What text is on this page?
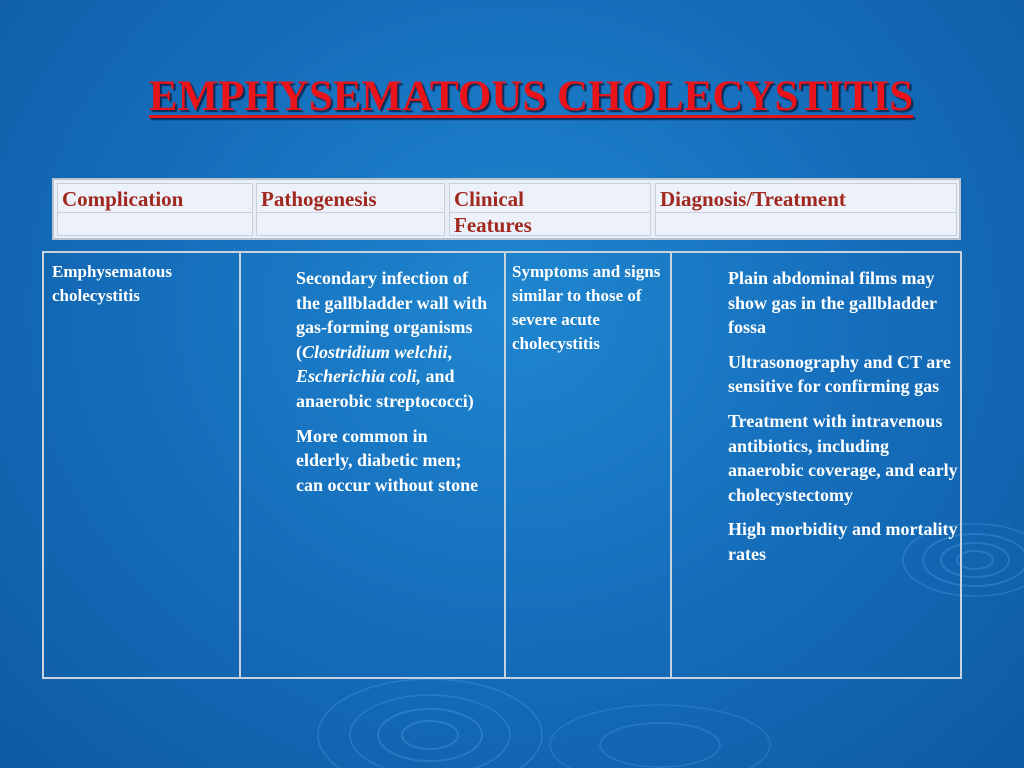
EMPHYSEMATOUS CHOLECYSTITIS
Complication	Pathogenesis	Clinical
Features
Diagnosis/Treatment
Emphysematous cholecystitis

Secondary infection of the gallbladder wall with gas-forming organisms (Clostridium welchii, Escherichia coli, and anaerobic streptococci)

More common in elderly, diabetic men; can occur without stone

Symptoms and signs similar to those of severe acute cholecystitis

Plain abdominal films may show gas in the gallbladder fossa

Ultrasonography and CT are sensitive for confirming gas

Treatment with intravenous antibiotics, including anaerobic coverage, and early cholecystectomy

High morbidity and mortality rates
